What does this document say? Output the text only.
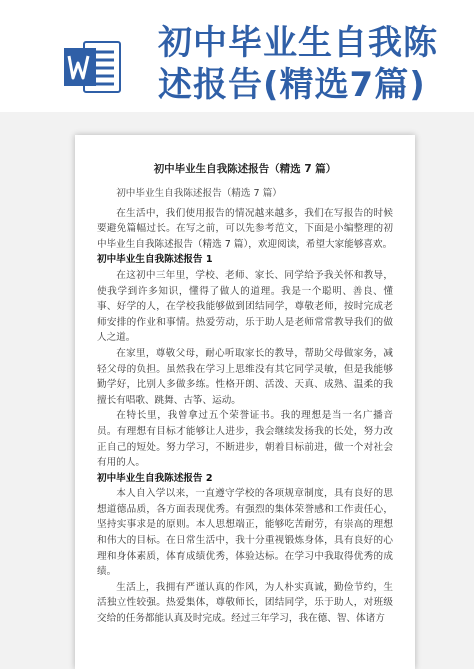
初中毕业生自我陈述报告(精选7篇)
初中毕业生自我陈述报告（精选 7 篇）

初中毕业生自我陈述报告（精选 7 篇）

在生活中，我们使用报告的情况越来越多，我们在写报告的时候要避免篇幅过长。在写之前，可以先参考范文，下面是小编整理的初中毕业生自我陈述报告（精选 7 篇），欢迎阅读，希望大家能够喜欢。

初中毕业生自我陈述报告 1

在这初中三年里，学校、老师、家长、同学给予我关怀和教导，使我学到许多知识，懂得了做人的道理。我是一个聪明、善良、懂事、好学的人，在学校我能够做到团结同学，尊敬老师，按时完成老师安排的作业和事情。热爱劳动，乐于助人是老师常常教导我们的做人之道。

在家里，尊敬父母，耐心听取家长的教导，帮助父母做家务，减轻父母的负担。虽然我在学习上思维没有其它同学灵敏，但是我能够勤学好，比别人多做多练。性格开朗、活泼、天真、成熟、温柔的我擅长有唱歌、跳舞、古筝、运动。

在特长里，我曾拿过五个荣誉证书。我的理想是当一名广播音员。有理想有目标才能够让人进步，我会继续发扬我的长处，努力改正自己的短处。努力学习，不断进步，朝着目标前进，做一个对社会有用的人。

初中毕业生自我陈述报告 2

本人自入学以来，一直遵守学校的各项规章制度，具有良好的思想道德品质，各方面表现优秀。有强烈的集体荣誉感和工作责任心，坚持实事求是的原则。本人思想端正，能够吃苦耐劳，有崇高的理想和伟大的目标。在日常生活中，我十分重视锻炼身体，具有良好的心理和身体素质，体育成绩优秀，体验达标。在学习中我取得优秀的成绩。

生活上，我拥有严谨认真的作风，为人朴实真诚，勤俭节约，生活独立性较强。热爱集体，尊敬师长，团结同学，乐于助人，对班级交给的任务都能认真及时完成。经过三年学习，我在德、智、体诸方
